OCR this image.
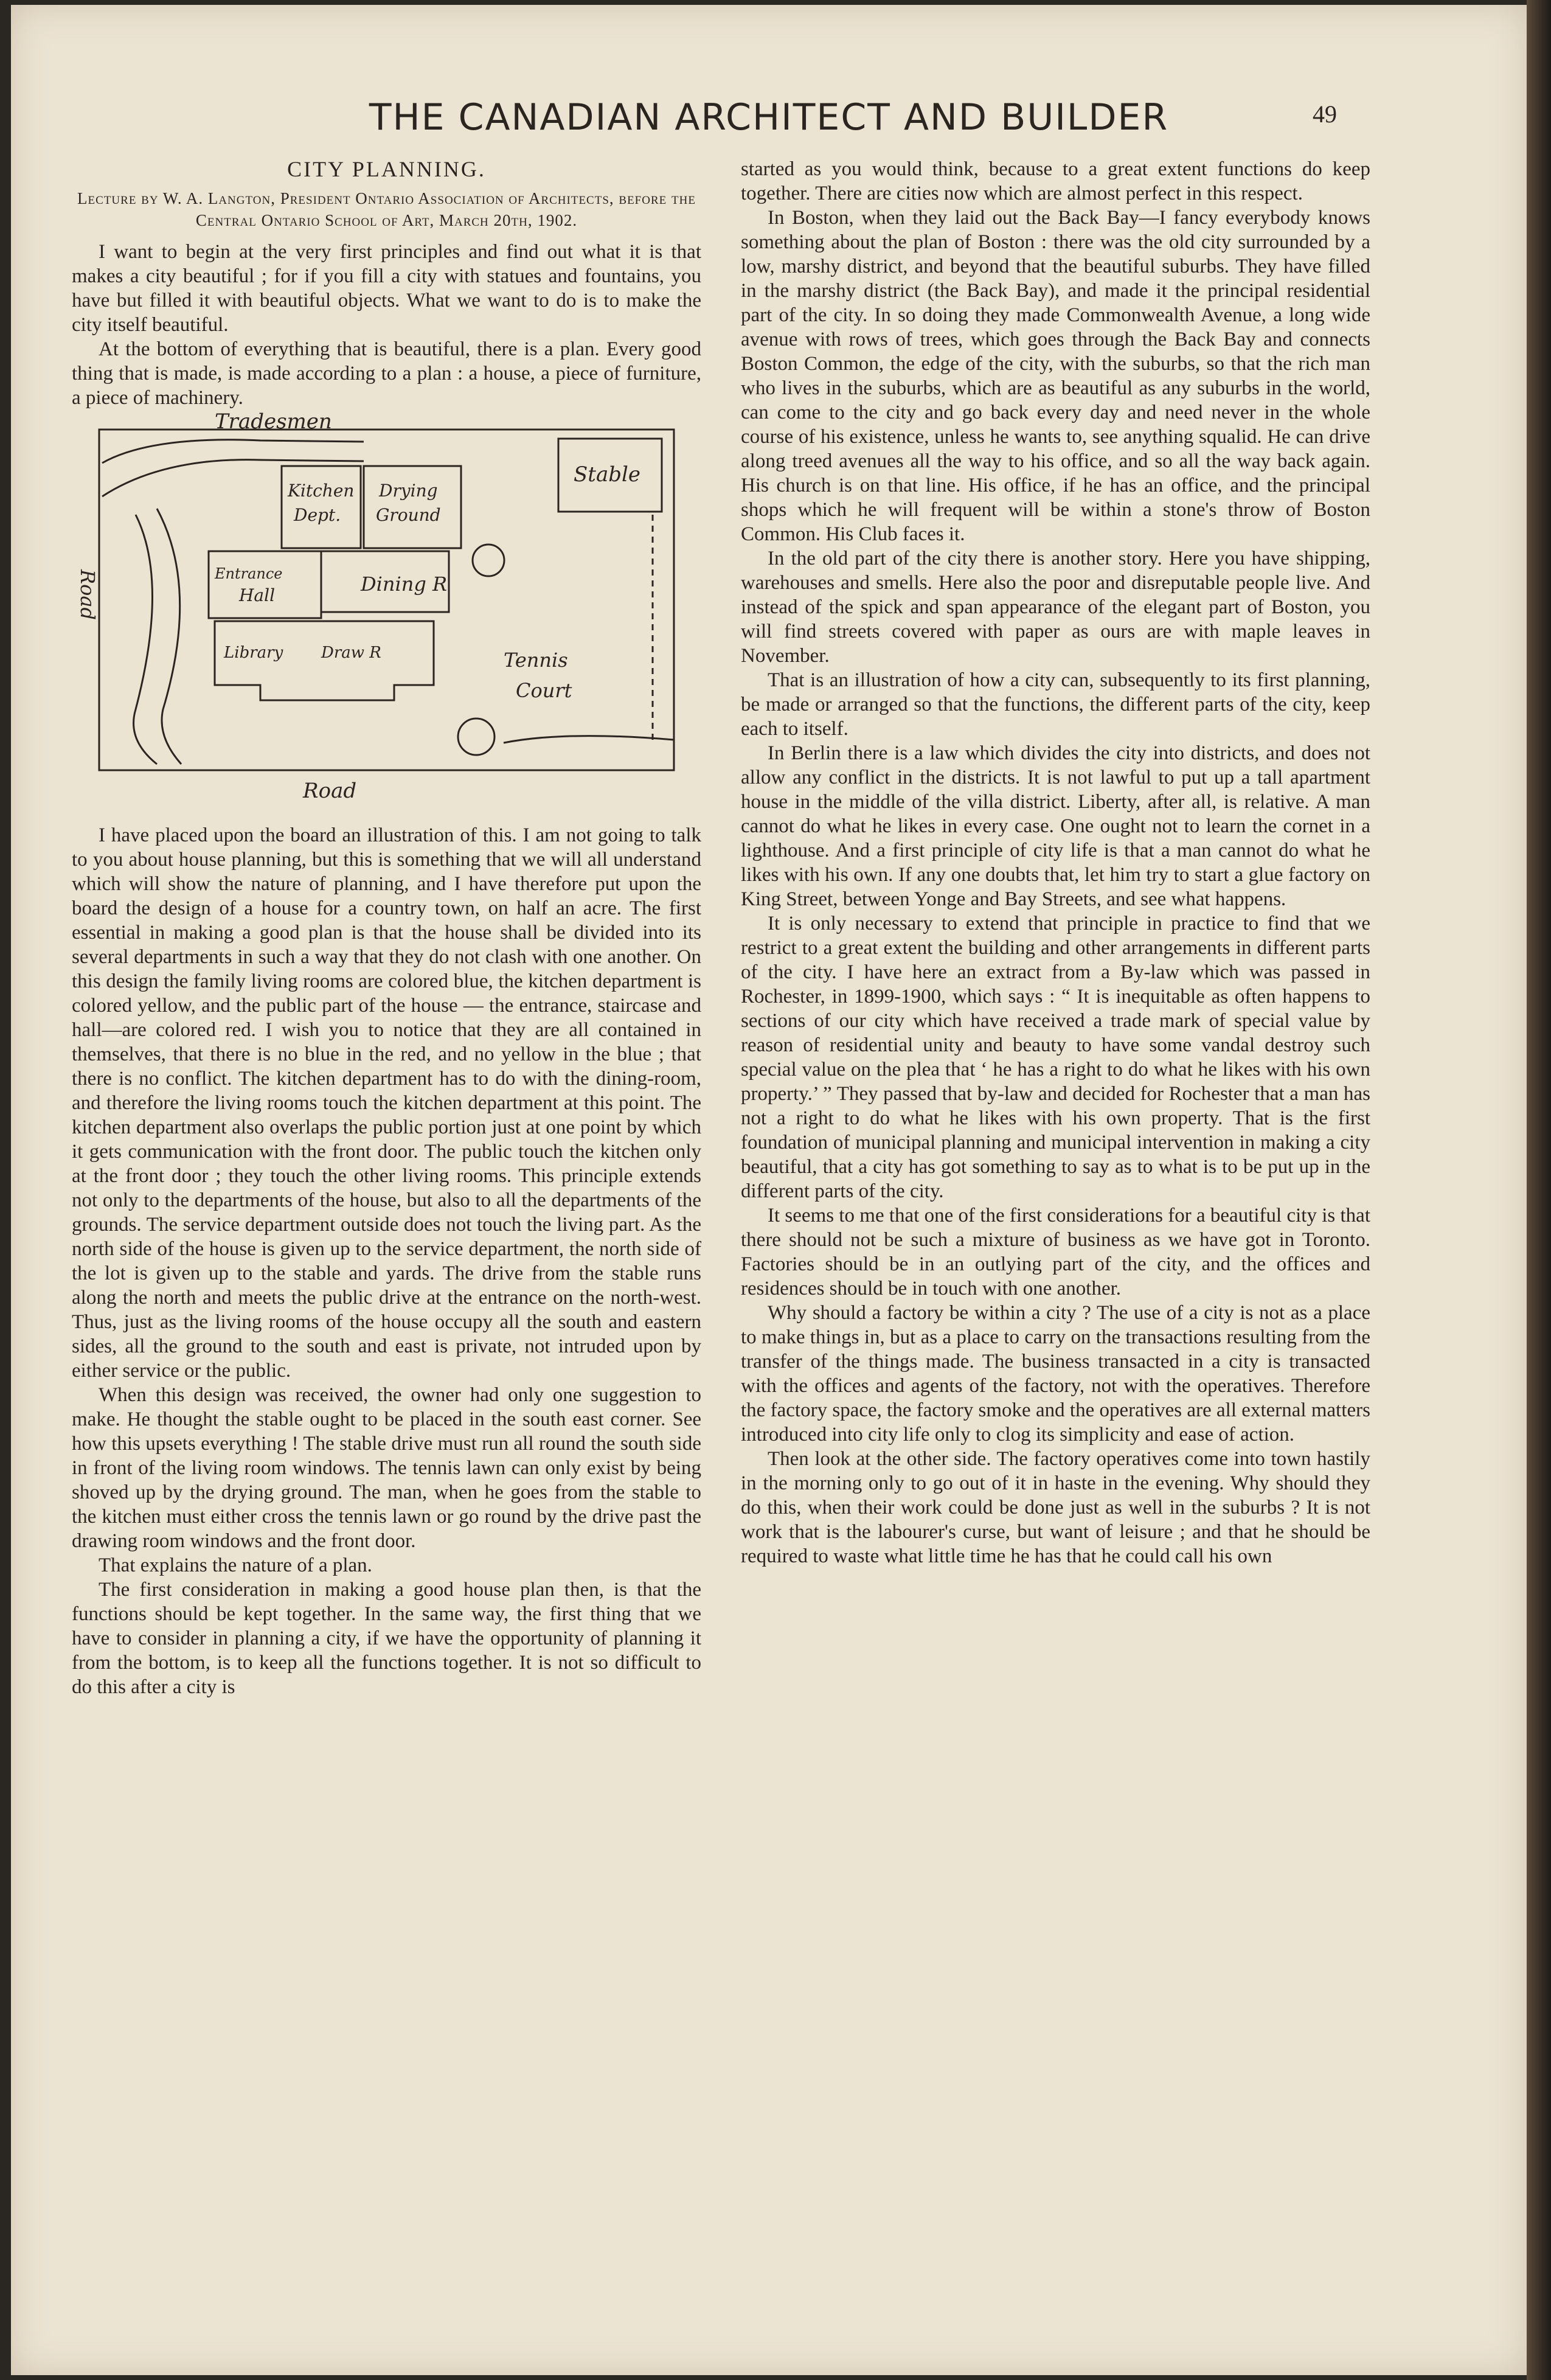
THE CANADIAN ARCHITECT AND BUILDER	49
CITY PLANNING.
Lecture by W. A. Langton, President Ontario Association of Architects, before the Central Ontario School of Art, March 20th, 1902.

I want to begin at the very first principles and find out what it is that makes a city beautiful ; for if you fill a city with statues and fountains, you have but filled it with beautiful objects. What we want to do is to make the city itself beautiful.

At the bottom of everything that is beautiful, there is a plan. Every good thing that is made, is made according to a plan : a house, a piece of furniture, a piece of machinery.

Tradesmen
Stable
Kitchen
Dept.
Drying
Ground
Entrance
Hall	Dining R
Library Draw R	Tennis
Court
Road
Road

I have placed upon the board an illustration of this. I am not going to talk to you about house planning, but this is something that we will all understand which will show the nature of planning, and I have therefore put upon the board the design of a house for a country town, on half an acre. The first essential in making a good plan is that the house shall be divided into its several departments in such a way that they do not clash with one another. On this design the family living rooms are colored blue, the kitchen department is colored yellow, and the public part of the house — the entrance, staircase and hall—are colored red. I wish you to notice that they are all contained in themselves, that there is no blue in the red, and no yellow in the blue ; that there is no conflict. The kitchen department has to do with the dining-room, and therefore the living rooms touch the kitchen department at this point. The kitchen department also overlaps the public portion just at one point by which it gets communication with the front door. The public touch the kitchen only at the front door ; they touch the other living rooms. This principle extends not only to the departments of the house, but also to all the departments of the grounds. The service department outside does not touch the living part. As the north side of the house is given up to the service department, the north side of the lot is given up to the stable and yards. The drive from the stable runs along the north and meets the public drive at the entrance on the north-west. Thus, just as the living rooms of the house occupy all the south and eastern sides, all the ground to the south and east is private, not intruded upon by either service or the public.

When this design was received, the owner had only one suggestion to make. He thought the stable ought to be placed in the south east corner. See how this upsets everything ! The stable drive must run all round the south side in front of the living room windows. The tennis lawn can only exist by being shoved up by the drying ground. The man, when he goes from the stable to the kitchen must either cross the tennis lawn or go round by the drive past the drawing room windows and the front door.

That explains the nature of a plan.

The first consideration in making a good house plan then, is that the functions should be kept together. In the same way, the first thing that we have to consider in planning a city, if we have the opportunity of planning it from the bottom, is to keep all the functions together. It is not so difficult to do this after a city is

started as you would think, because to a great extent functions do keep together. There are cities now which are almost perfect in this respect.

In Boston, when they laid out the Back Bay—I fancy everybody knows something about the plan of Boston : there was the old city surrounded by a low, marshy district, and beyond that the beautiful suburbs. They have filled in the marshy district (the Back Bay), and made it the principal residential part of the city. In so doing they made Commonwealth Avenue, a long wide avenue with rows of trees, which goes through the Back Bay and connects Boston Common, the edge of the city, with the suburbs, so that the rich man who lives in the suburbs, which are as beautiful as any suburbs in the world, can come to the city and go back every day and need never in the whole course of his existence, unless he wants to, see anything squalid. He can drive along treed avenues all the way to his office, and so all the way back again. His church is on that line. His office, if he has an office, and the principal shops which he will frequent will be within a stone's throw of Boston Common. His Club faces it.

In the old part of the city there is another story. Here you have shipping, warehouses and smells. Here also the poor and disreputable people live. And instead of the spick and span appearance of the elegant part of Boston, you will find streets covered with paper as ours are with maple leaves in November.

That is an illustration of how a city can, subsequently to its first planning, be made or arranged so that the functions, the different parts of the city, keep each to itself.

In Berlin there is a law which divides the city into districts, and does not allow any conflict in the districts. It is not lawful to put up a tall apartment house in the middle of the villa district. Liberty, after all, is relative. A man cannot do what he likes in every case. One ought not to learn the cornet in a lighthouse. And a first principle of city life is that a man cannot do what he likes with his own. If any one doubts that, let him try to start a glue factory on King Street, between Yonge and Bay Streets, and see what happens.

It is only necessary to extend that principle in practice to find that we restrict to a great extent the building and other arrangements in different parts of the city. I have here an extract from a By-law which was passed in Rochester, in 1899-1900, which says : “ It is inequitable as often happens to sections of our city which have received a trade mark of special value by reason of residential unity and beauty to have some vandal destroy such special value on the plea that ‘ he has a right to do what he likes with his own property.’ ” They passed that by-law and decided for Rochester that a man has not a right to do what he likes with his own property. That is the first foundation of municipal planning and municipal intervention in making a city beautiful, that a city has got something to say as to what is to be put up in the different parts of the city.

It seems to me that one of the first considerations for a beautiful city is that there should not be such a mixture of business as we have got in Toronto. Factories should be in an outlying part of the city, and the offices and residences should be in touch with one another.

Why should a factory be within a city ? The use of a city is not as a place to make things in, but as a place to carry on the transactions resulting from the transfer of the things made. The business transacted in a city is transacted with the offices and agents of the factory, not with the operatives. Therefore the factory space, the factory smoke and the operatives are all external matters introduced into city life only to clog its simplicity and ease of action.

Then look at the other side. The factory operatives come into town hastily in the morning only to go out of it in haste in the evening. Why should they do this, when their work could be done just as well in the suburbs ? It is not work that is the labourer's curse, but want of leisure ; and that he should be required to waste what little time he has that he could call his own
